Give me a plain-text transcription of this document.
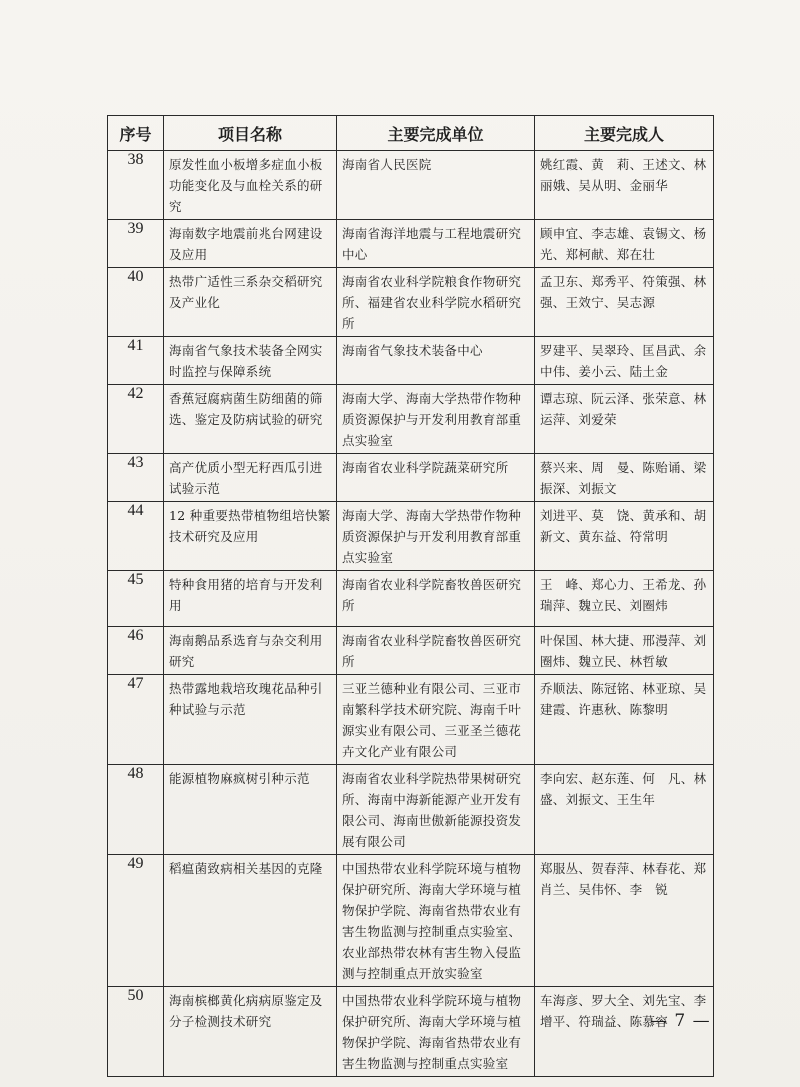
序号	项目名称	主要完成单位	主要完成人
38	原发性血小板增多症血小板功能变化及与血栓关系的研究	海南省人民医院	姚红霞、黄　莉、王述文、林丽娥、吴从明、金丽华

39	海南数字地震前兆台网建设及应用	海南省海洋地震与工程地震研究中心	顾申宜、李志雄、袁锡文、杨　光、郑柯献、郑在壮

40	热带广适性三系杂交稻研究及产业化	海南省农业科学院粮食作物研究所、福建省农业科学院水稻研究所	孟卫东、郑秀平、符策强、林　强、王效宁、吴志源

41	海南省气象技术装备全网实时监控与保障系统	海南省气象技术装备中心	罗建平、吴翠玲、匡昌武、余中伟、姜小云、陆土金

42	香蕉冠腐病菌生防细菌的筛选、鉴定及防病试验的研究	海南大学、海南大学热带作物种质资源保护与开发利用教育部重点实验室	谭志琼、阮云泽、张荣意、林运萍、刘爱荣

43	高产优质小型无籽西瓜引进试验示范	海南省农业科学院蔬菜研究所	蔡兴来、周　曼、陈贻诵、梁振深、刘振文

44	12 种重要热带植物组培快繁技术研究及应用	海南大学、海南大学热带作物种质资源保护与开发利用教育部重点实验室	刘进平、莫　饶、黄承和、胡新文、黄东益、符常明

45	特种食用猪的培育与开发利用	海南省农业科学院畜牧兽医研究所	王　峰、郑心力、王希龙、孙瑞萍、魏立民、刘圈炜

46	海南鹅品系选育与杂交利用研究	海南省农业科学院畜牧兽医研究所	叶保国、林大捷、邢漫萍、刘圈炜、魏立民、林哲敏

47	热带露地栽培玫瑰花品种引种试验与示范	三亚兰德种业有限公司、三亚市南繁科学技术研究院、海南千叶源实业有限公司、三亚圣兰德花卉文化产业有限公司	乔顺法、陈冠铭、林亚琼、吴建霞、许惠秋、陈黎明

48	能源植物麻疯树引种示范	海南省农业科学院热带果树研究所、海南中海新能源产业开发有限公司、海南世傲新能源投资发展有限公司	李向宏、赵东莲、何　凡、林　盛、刘振文、王生年

49	稻瘟菌致病相关基因的克隆	中国热带农业科学院环境与植物保护研究所、海南大学环境与植物保护学院、海南省热带农业有害生物监测与控制重点实验室、农业部热带农林有害生物入侵监测与控制重点开放实验室	郑服丛、贺春萍、林春花、郑肖兰、吴伟怀、李　锐

50	海南槟榔黄化病病原鉴定及分子检测技术研究	中国热带农业科学院环境与植物保护研究所、海南大学环境与植物保护学院、海南省热带农业有害生物监测与控制重点实验室	车海彦、罗大全、刘先宝、李增平、符瑞益、陈慕容
— 7 —
